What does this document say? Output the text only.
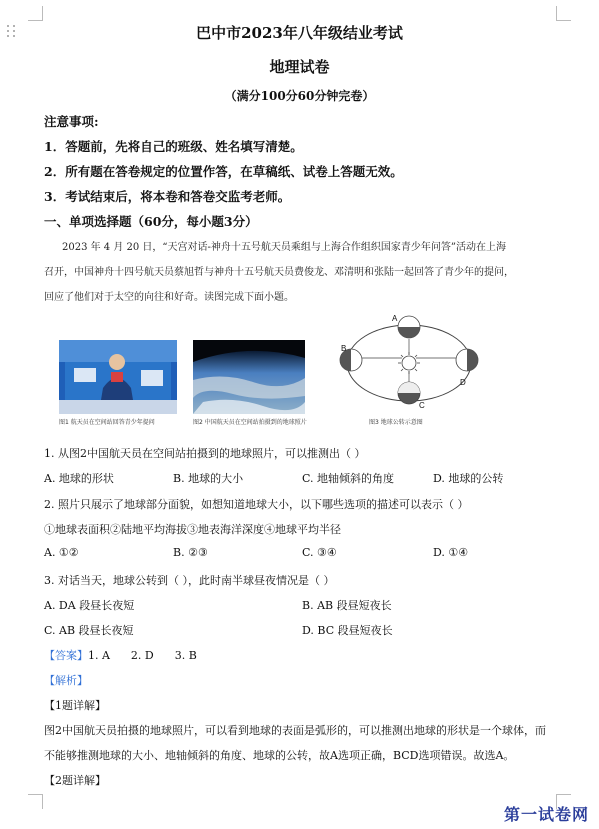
巴中市2023年八年级结业考试
地理试卷
（满分100分60分钟完卷）
注意事项:
1．答题前，先将自己的班级、姓名填写清楚。
2．所有题在答卷规定的位置作答，在草稿纸、试卷上答题无效。
3．考试结束后，将本卷和答卷交监考老师。
一、单项选择题（60分，每小题3分）
2023 年 4 月 20 日，“天宫对话-神舟十五号航天员乘组与上海合作组织国家青少年问答”活动在上海
召开，中国神舟十四号航天员蔡旭哲与神舟十五号航天员费俊龙、邓清明和张陆一起回答了青少年的提问，
回应了他们对于太空的向往和好奇。读图完成下面小题。
图1 航天员在空间站回答青少年提问	图2 中国航天员在空间站拍摄到的地球照片
A
B
C
D
图3 地球公转示意图
1. 从图2中国航天员在空间站拍摄到的地球照片，可以推测出（ ）
A. 地球的形状	B. 地球的大小	C. 地轴倾斜的角度	D. 地球的公转
2. 照片只展示了地球部分面貌，如想知道地球大小，以下哪些选项的描述可以表示（ ）
①地球表面积②陆地平均海拔③地表海洋深度④地球平均半径
A. ①②	B. ②③	C. ③④	D. ①④
3. 对话当天，地球公转到（ ），此时南半球昼夜情况是（ ）
A. DA 段昼长夜短	B. AB 段昼短夜长
C. AB 段昼长夜短	D. BC 段昼短夜长
【答案】1. A      2. D      3. B
【解析】
【1题详解】
图2中国航天员拍摄的地球照片，可以看到地球的表面是弧形的，可以推测出地球的形状是一个球体，而
不能够推测地球的大小、地轴倾斜的角度、地球的公转，故A选项正确，BCD选项错误。故选A。
【2题详解】
第一试卷网
